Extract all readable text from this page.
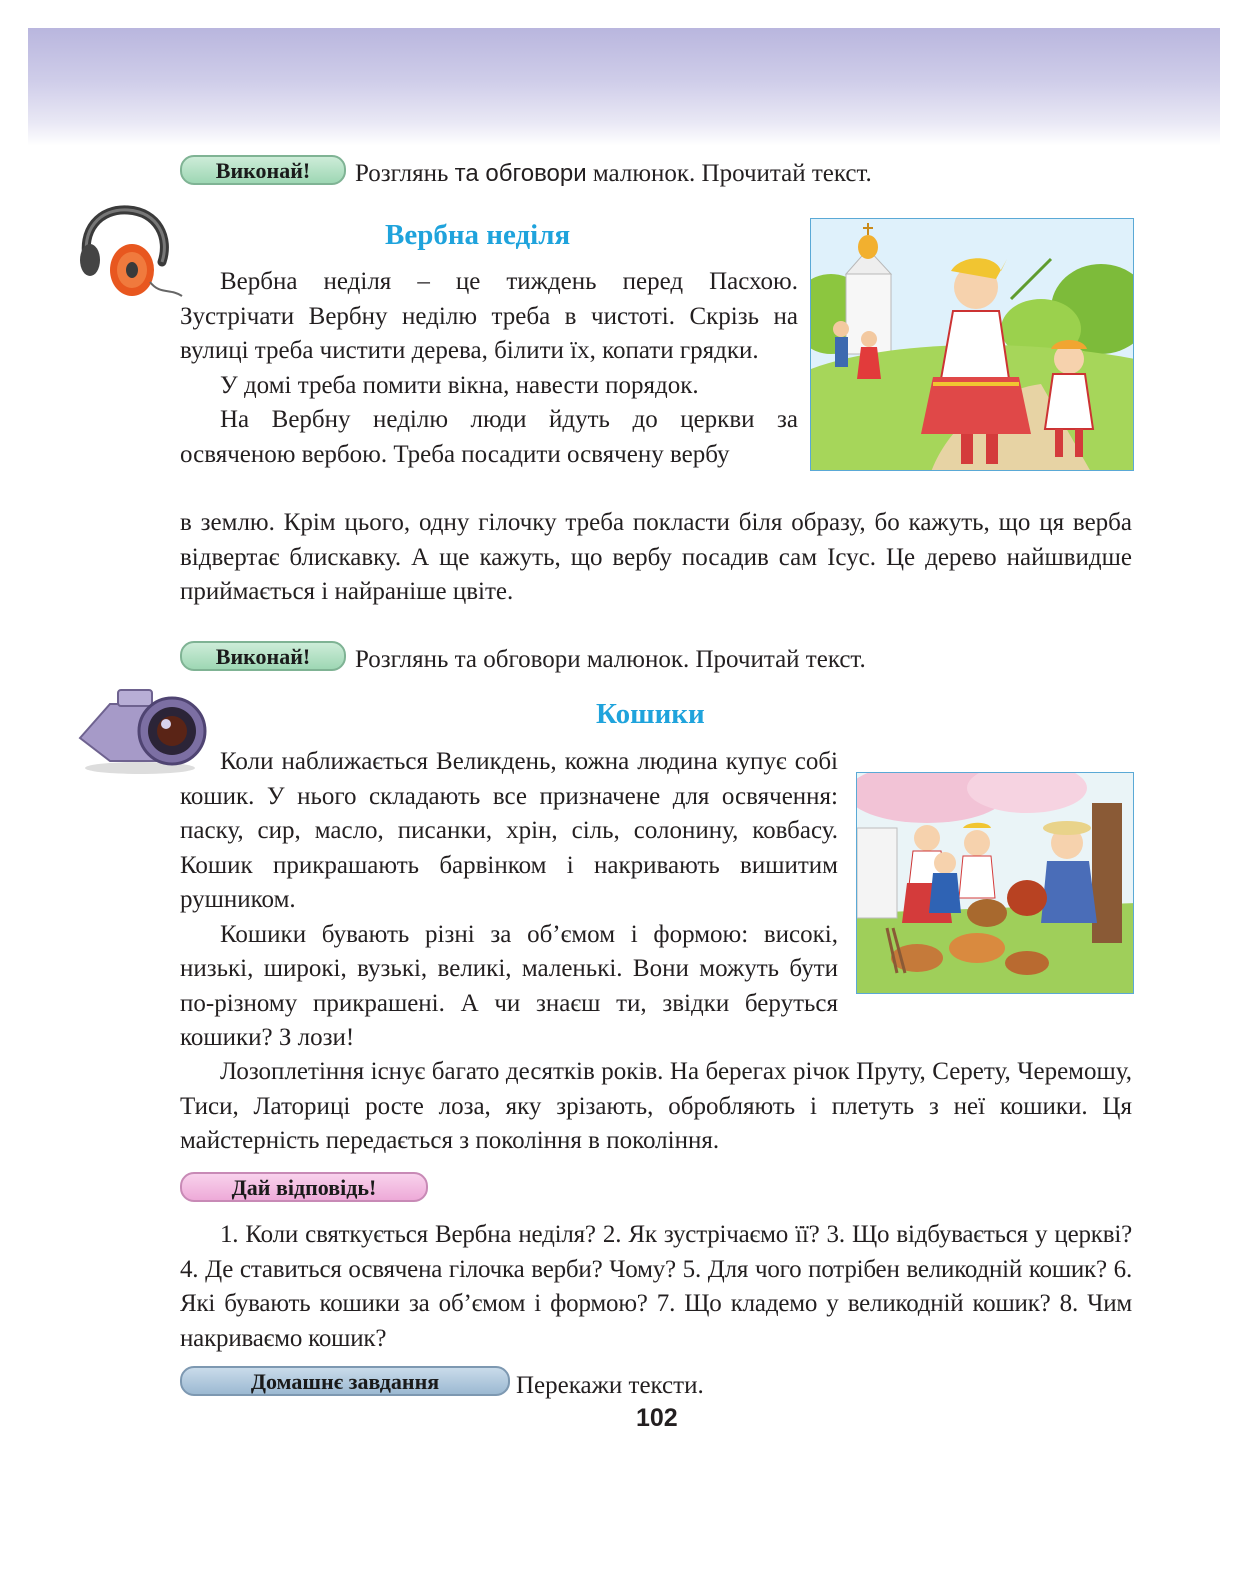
Виконай!	Розглянь та обговори малюнок. Прочитай текст.
Вербна неділя

Вербна неділя – це тиждень перед Пасхою. Зустрічати Вербну неділю треба в чистоті. Скрізь на вулиці треба чистити дерева, білити їх, копати грядки.

У домі треба помити вікна, навести порядок.

На Вербну неділю люди йдуть до церкви за освяченою вербою. Треба посадити освячену вербу

в землю. Крім цього, одну гілочку треба покласти біля образу, бо кажуть, що ця верба відвертає блискавку. А ще кажуть, що вербу посадив сам Ісус. Це дерево найшвидше приймається і найраніше цвіте.

Виконай!	Розглянь та обговори малюнок. Прочитай текст.
Кошики

Коли наближається Великдень, кожна людина купує собі кошик. У нього складають все призначене для освячення: паску, сир, масло, писанки, хрін, сіль, солонину, ковбасу. Кошик прикрашають барвінком і накривають вишитим рушником.

Кошики бувають різні за об’ємом і формою: високі, низькі, широкі, вузькі, великі, маленькі. Вони можуть бути по-різному прикрашені. А чи знаєш ти, звідки беруться кошики? З лози!

Лозоплетіння існує багато десятків років. На берегах річок Пруту, Серету, Черемошу, Тиси, Латориці росте лоза, яку зрізають, обробляють і плетуть з неї кошики. Ця майстерність передається з покоління в покоління.

Дай відповідь!
1. Коли святкується Вербна неділя? 2. Як зустрічаємо її? 3. Що відбувається у церкві? 4. Де ставиться освячена гілочка верби? Чому? 5. Для чого потрібен великодній кошик? 6. Які бувають кошики за об’ємом і формою? 7. Що кладемо у великодній кошик? 8. Чим накриваємо кошик?
Домашнє завдання	Перекажи тексти.
102
